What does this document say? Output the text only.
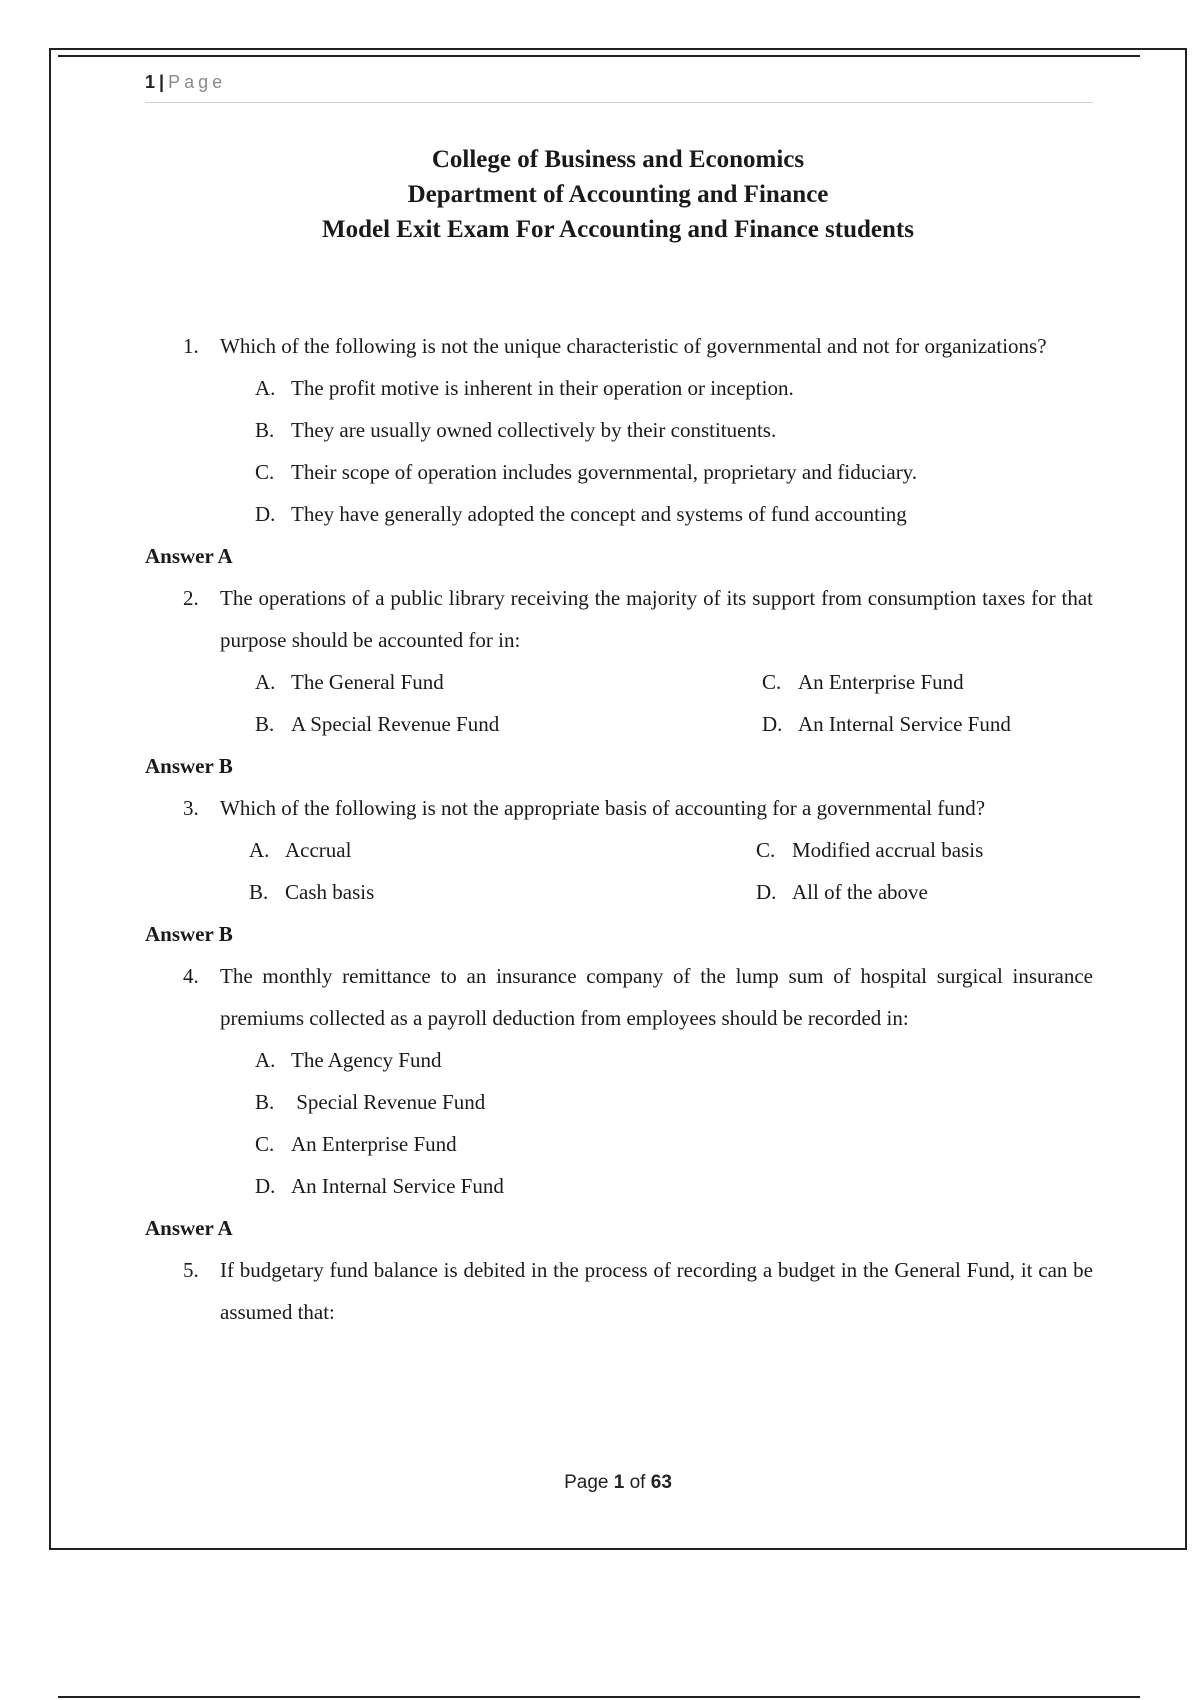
1 | Page
College of Business and Economics
Department of Accounting and Finance
Model Exit Exam For Accounting and Finance students
1. Which of the following is not the unique characteristic of governmental and not for organizations?
A. The profit motive is inherent in their operation or inception.
B. They are usually owned collectively by their constituents.
C. Their scope of operation includes governmental, proprietary and fiduciary.
D. They have generally adopted the concept and systems of fund accounting
Answer A
2. The operations of a public library receiving the majority of its support from consumption taxes for that purpose should be accounted for in:
A. The General Fund	C. An Enterprise Fund
B. A Special Revenue Fund	D. An Internal Service Fund
Answer B
3. Which of the following is not the appropriate basis of accounting for a governmental fund?
A. Accrual	C. Modified accrual basis
B. Cash basis	D. All of the above
Answer B
4. The monthly remittance to an insurance company of the lump sum of hospital surgical insurance premiums collected as a payroll deduction from employees should be recorded in:
A. The Agency Fund
B. Special Revenue Fund
C. An Enterprise Fund
D. An Internal Service Fund
Answer A
5. If budgetary fund balance is debited in the process of recording a budget in the General Fund, it can be assumed that:
Page 1 of 63
